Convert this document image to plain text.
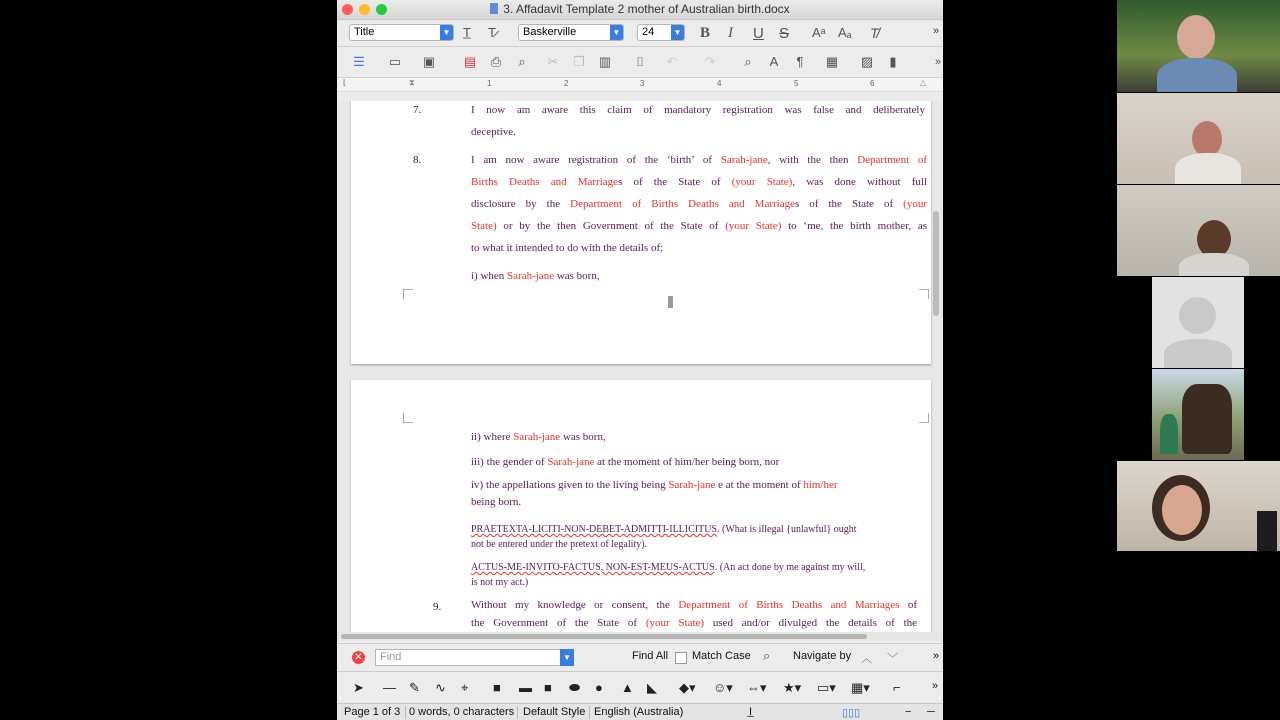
3. Affadavit Template 2 mother of Australian birth.docx
Title	▼ T̲ T̷	Baskerville	▼	24	▼ B I U S Aᵃ Aₐ T̸	»
☰ ▭ ▣ ▤ ⎙	⌕	✂ ❐ ▥	⌷	↶ ↷	⌕	A	¶	▦ ▨	▮	»
⌊	⧗	1	2	3	4	5	6	△
7.	I now am aware this claim of mandatory registration was false and deliberately
deceptive.
8.	I am now aware registration of the ‘birth’ of Sarah-jane, with the then Department of
Births Deaths and Marriages of the State of (your State), was done without full
disclosure by the Department of Births Deaths and Marriages of the State of (your
State) or by the then Government of the State of (your State) to ‘me, the birth mother, as
to what it intended to do with the details of;
i) when Sarah-jane was born,
ii) where Sarah-jane was born,
iii) the gender of Sarah-jane at the moment of him/her being born, nor
iv) the appellations given to the living being Sarah-jane e at the moment of him/her
being born.
PRAETEXTA-LICITI-NON-DEBET-ADMITTI-ILLICITUS. (What is illegal {unlawful} ought
not be entered under the pretext of legality).
ACTUS-ME-INVITO-FACTUS, NON-EST-MEUS-ACTUS. (An act done by me against my will,
is not my act.)
9.	Without my knowledge or consent, the Department of Births Deaths and Marriages of
the Government of the State of (your State) used and/or divulged the details of the
✕	Find	▼	Find All Match Case ⌕ Navigate by ︿ ﹀	»
➤ — ✎ ∿ ⌖ ■ ▬ ■ ⬬ ● ▲ ◣ ◆▾ ☺▾ ⇔▾ ★▾ ▭▾ ▦▾ ⌐	»
Page 1 of 3 0 words, 0 characters Default Style English (Australia)	I̲	▯▯▯	− ─
